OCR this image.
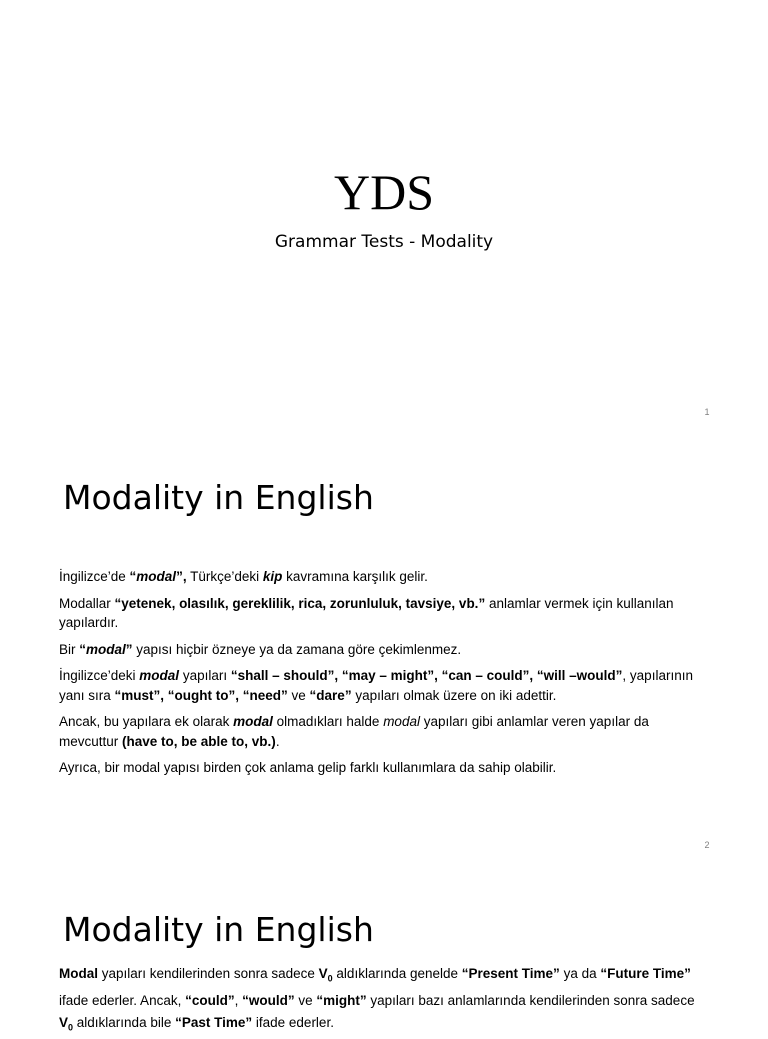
YDS
Grammar Tests - Modality
1
Modality in English

İngilizce’de “modal”, Türkçe’deki kip kavramına karşılık gelir.

Modallar “yetenek, olasılık, gereklilik, rica, zorunluluk, tavsiye, vb.” anlamlar vermek için kullanılan yapılardır.

Bir “modal” yapısı hiçbir özneye ya da zamana göre çekimlenmez.

İngilizce’deki modal yapıları “shall – should”, “may – might”, “can – could”, “will –would”, yapılarının yanı sıra “must”, “ought to”, “need” ve “dare” yapıları olmak üzere on iki adettir.

Ancak, bu yapılara ek olarak modal olmadıkları halde modal yapıları gibi anlamlar veren yapılar da mevcuttur (have to, be able to, vb.).

Ayrıca, bir modal yapısı birden çok anlama gelip farklı kullanımlara da sahip olabilir.

2
Modality in English

Modal yapıları kendilerinden sonra sadece $V_0$ aldıklarında genelde “Present Time” ya da “Future Time” ifade ederler. Ancak, “could”, “would” ve “might” yapıları bazı anlamlarında kendilerinden sonra sadece $V_0$ aldıklarında bile “Past Time” ifade ederler.
